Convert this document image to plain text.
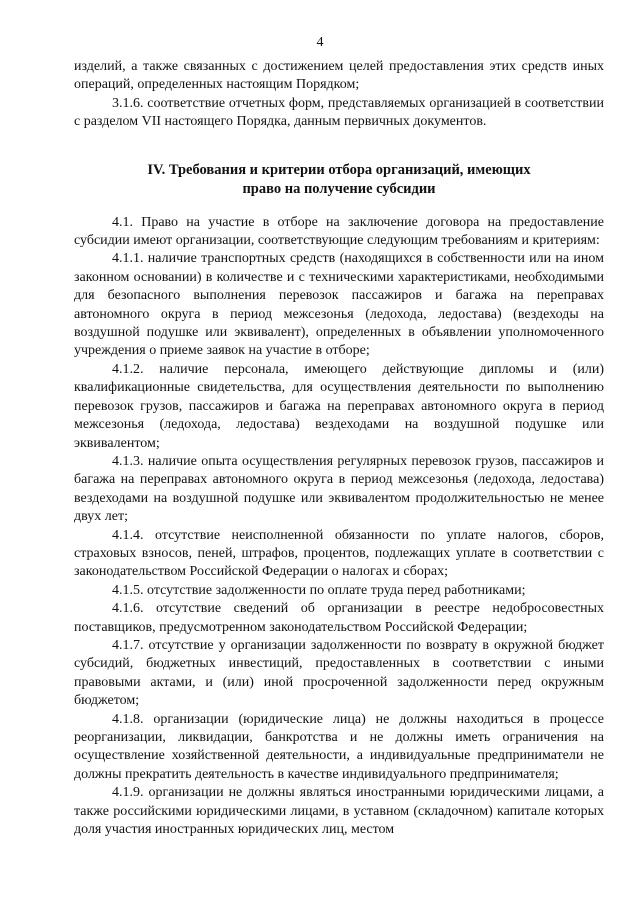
4

изделий, а также связанных с достижением целей предоставления этих средств иных операций, определенных настоящим Порядком;

3.1.6. соответствие отчетных форм, представляемых организацией в соответствии с разделом VII настоящего Порядка, данным первичных документов.

IV. Требования и критерии отбора организаций, имеющих
право на получение субсидии

4.1. Право на участие в отборе на заключение договора на предоставление субсидии имеют организации, соответствующие следующим требованиям и критериям:

4.1.1. наличие транспортных средств (находящихся в собственности или на ином законном основании) в количестве и с техническими характеристиками, необходимыми для безопасного выполнения перевозок пассажиров и багажа на переправах автономного округа в период межсезонья (ледохода, ледостава) (вездеходы на воздушной подушке или эквивалент), определенных в объявлении уполномоченного учреждения о приеме заявок на участие в отборе;

4.1.2. наличие персонала, имеющего действующие дипломы и (или) квалификационные свидетельства, для осуществления деятельности по выполнению перевозок грузов, пассажиров и багажа на переправах автономного округа в период межсезонья (ледохода, ледостава) вездеходами на воздушной подушке или эквивалентом;

4.1.3. наличие опыта осуществления регулярных перевозок грузов, пассажиров и багажа на переправах автономного округа в период межсезонья (ледохода, ледостава) вездеходами на воздушной подушке или эквивалентом продолжительностью не менее двух лет;

4.1.4. отсутствие неисполненной обязанности по уплате налогов, сборов, страховых взносов, пеней, штрафов, процентов, подлежащих уплате в соответствии с законодательством Российской Федерации о налогах и сборах;

4.1.5. отсутствие задолженности по оплате труда перед работниками;

4.1.6. отсутствие сведений об организации в реестре недобросовестных поставщиков, предусмотренном законодательством Российской Федерации;

4.1.7. отсутствие у организации задолженности по возврату в окружной бюджет субсидий, бюджетных инвестиций, предоставленных в соответствии с иными правовыми актами, и (или) иной просроченной задолженности перед окружным бюджетом;

4.1.8. организации (юридические лица) не должны находиться в процессе реорганизации, ликвидации, банкротства и не должны иметь ограничения на осуществление хозяйственной деятельности, а индивидуальные предприниматели не должны прекратить деятельность в качестве индивидуального предпринимателя;

4.1.9. организации не должны являться иностранными юридическими лицами, а также российскими юридическими лицами, в уставном (складочном) капитале которых доля участия иностранных юридических лиц, местом
